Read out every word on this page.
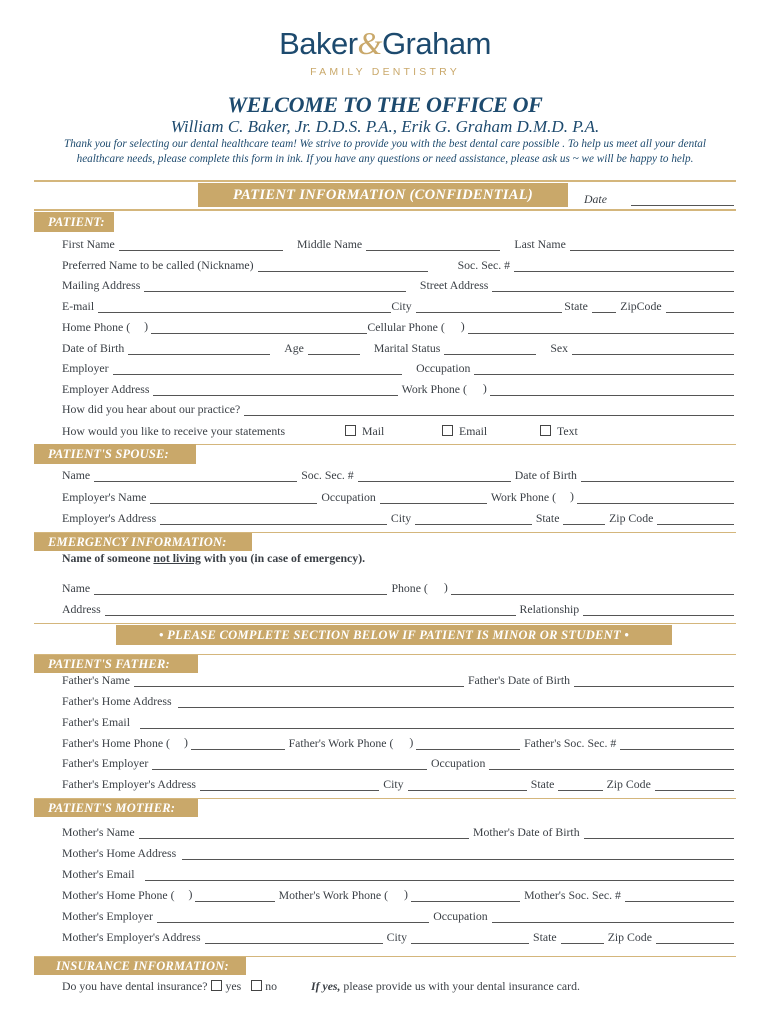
Baker&Graham
FAMILY DENTISTRY
WELCOME TO THE OFFICE OF
William C. Baker, Jr. D.D.S. P.A., Erik G. Graham D.M.D. P.A.
Thank you for selecting our dental healthcare team! We strive to provide you with the best dental care possible . To help us meet all your dental healthcare needs, please complete this form in ink. If you have any questions or need assistance, please ask us ~ we will be happy to help.
PATIENT INFORMATION (CONFIDENTIAL)	Date
PATIENT:
First Name	Middle Name	Last Name
Preferred Name to be called (Nickname)	Soc. Sec. #
Mailing Address	Street Address
E-mail	City	State	ZipCode
Home Phone (	)	Cellular Phone (	)
Date of Birth	Age	Marital Status	Sex
Employer	Occupation
Employer Address	Work Phone (	)
How did you hear about our practice?
How would you like to receive your statements	Mail	Email	Text
PATIENT'S SPOUSE:
Name	Soc. Sec. #	Date of Birth
Employer's Name	Occupation	Work Phone (	)
Employer's Address	City	State	Zip Code
EMERGENCY INFORMATION:
Name of someone not living with you (in case of emergency).
Name	Phone (	)
Address	Relationship
• PLEASE COMPLETE SECTION BELOW IF PATIENT IS MINOR OR STUDENT •
PATIENT'S FATHER:
Father's Name	Father's Date of Birth
Father's Home Address
Father's Email
Father's Home Phone (	)	Father's Work Phone (	)	Father's Soc. Sec. #
Father's Employer	Occupation
Father's Employer's Address	City	State	Zip Code
PATIENT'S MOTHER:
Mother's Name	Mother's Date of Birth
Mother's Home Address
Mother's Email
Mother's Home Phone (	)	Mother's Work Phone (	)	Mother's Soc. Sec. #
Mother's Employer	Occupation
Mother's Employer's Address	City	State	Zip Code
INSURANCE INFORMATION:
Do you have dental insurance?	yes	no	If yes, please provide us with your dental insurance card.
